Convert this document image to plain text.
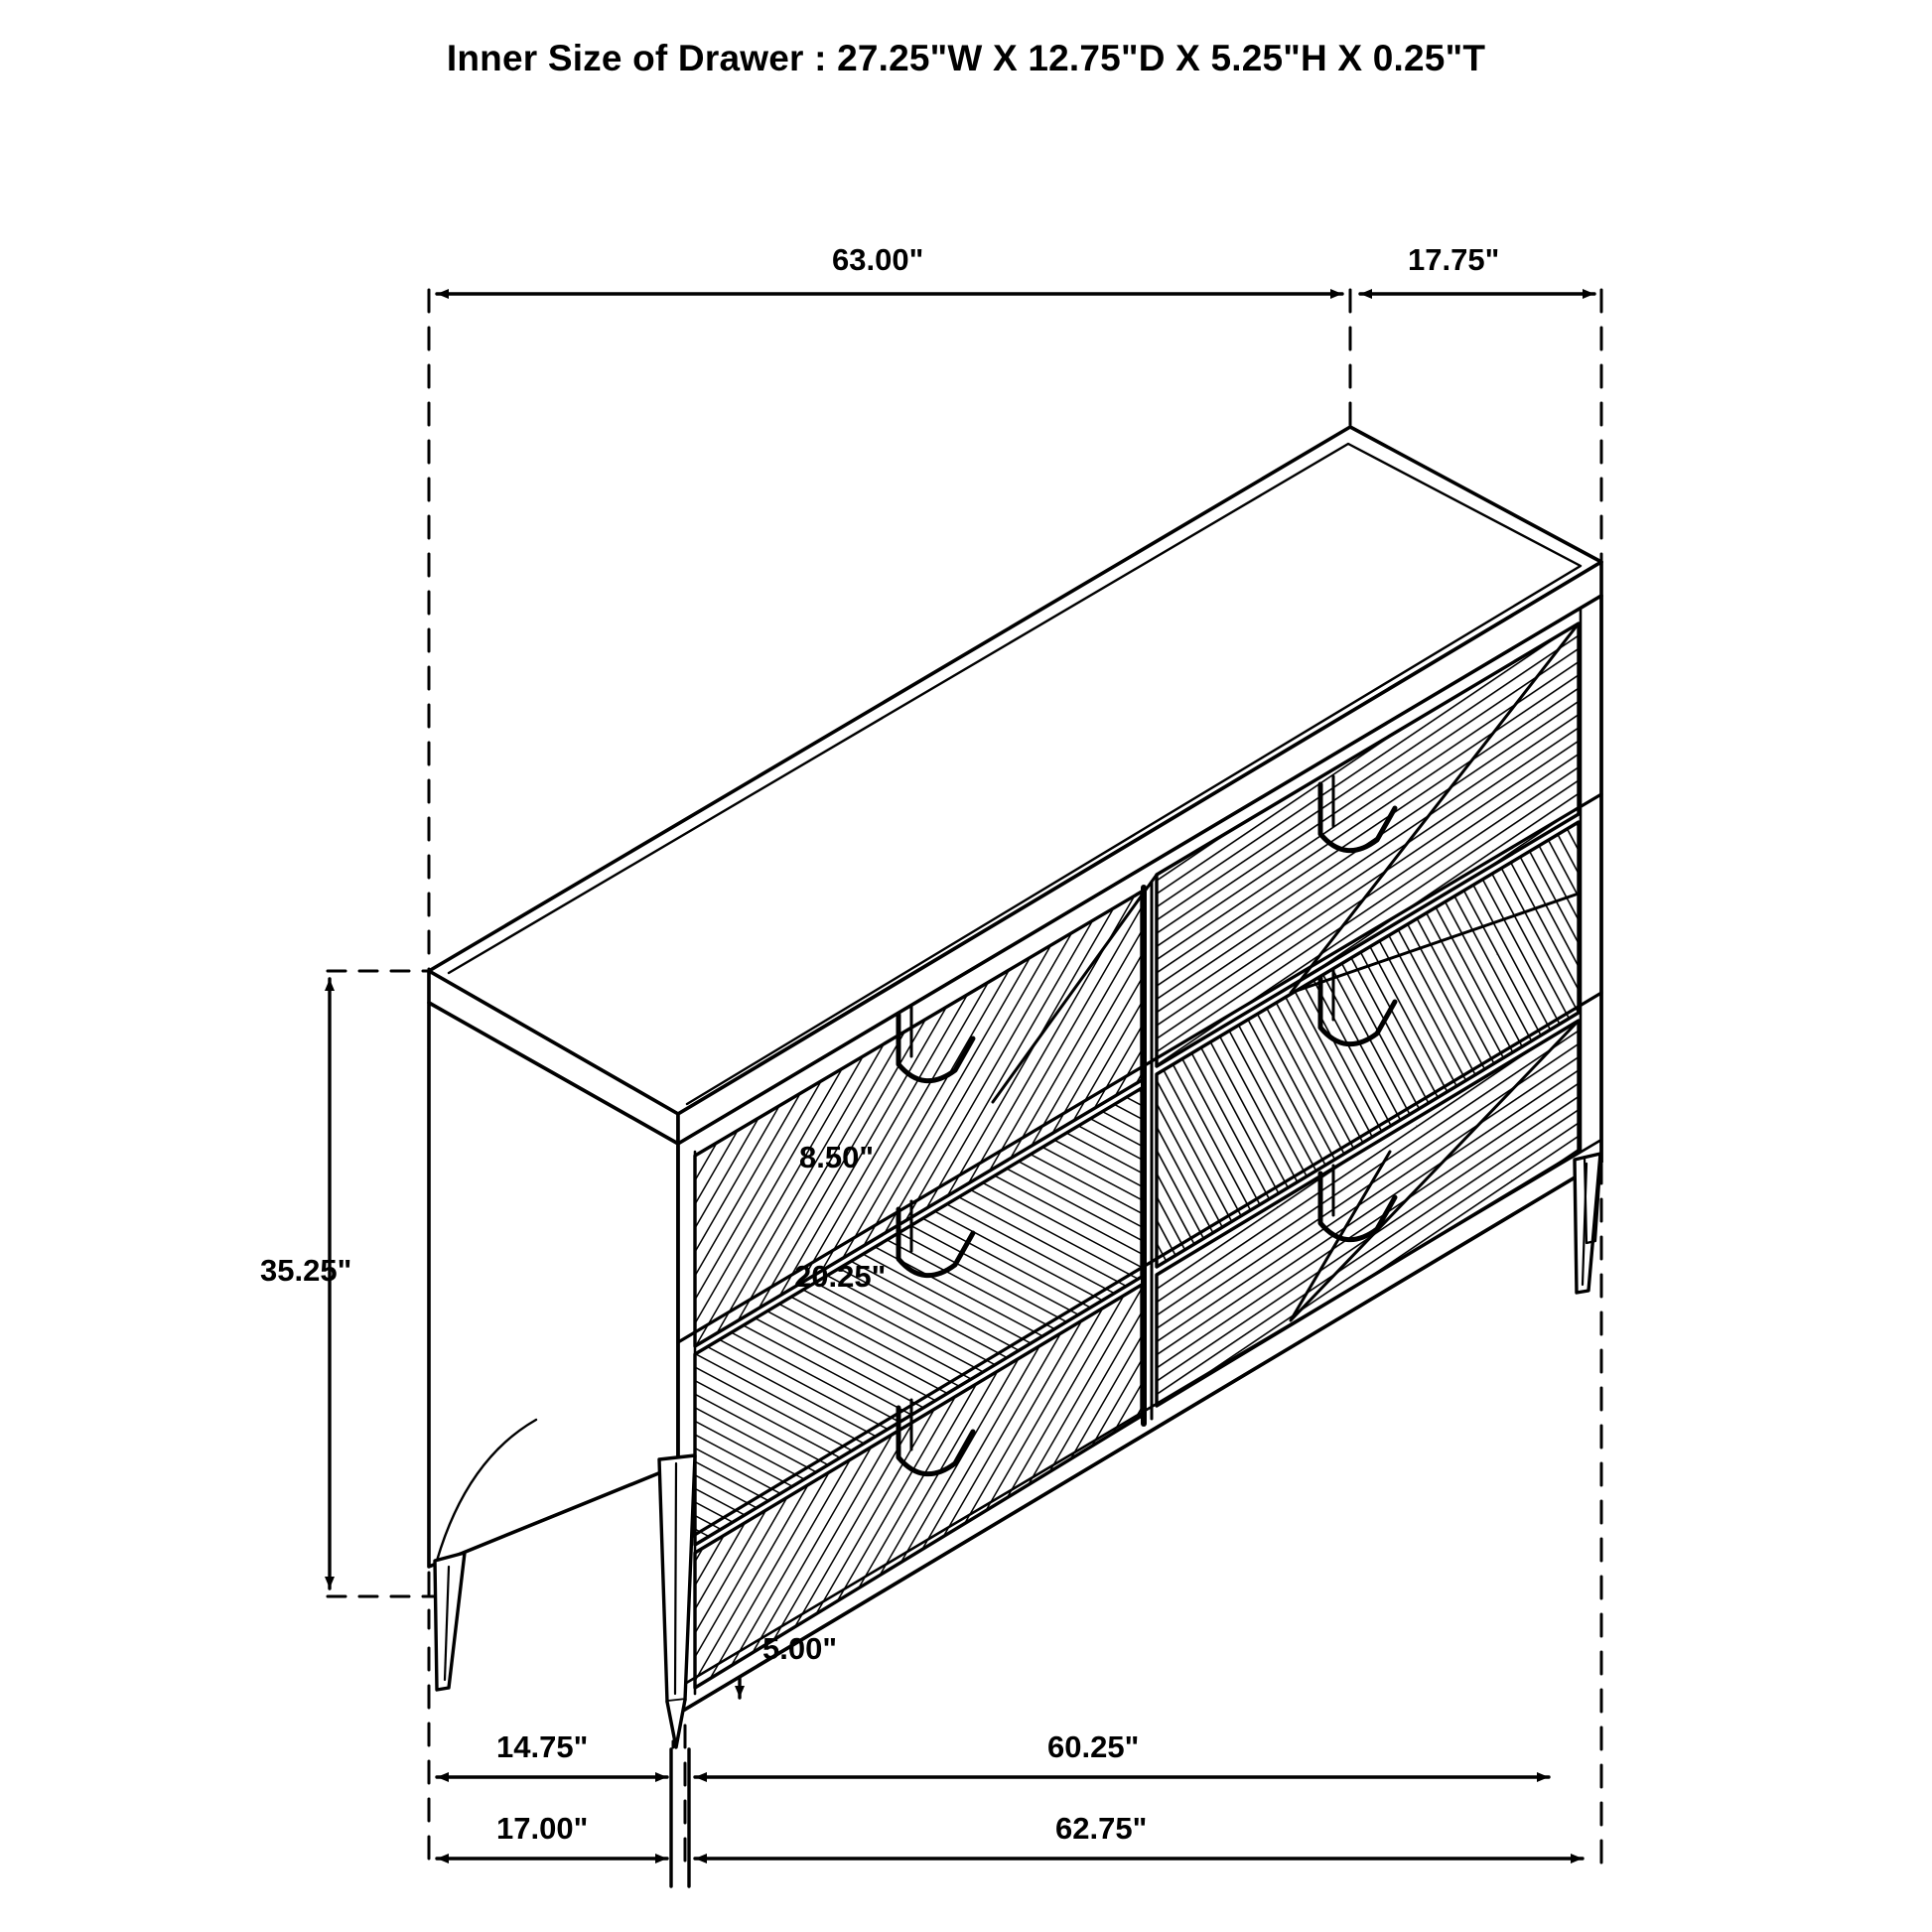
Inner Size of Drawer : 27.25"W X 12.75"D X 5.25"H X 0.25"T
63.00"	17.75"
35.25"
8.50"
20.25"
5.00"
14.75"	60.25"
17.00"	62.75"
